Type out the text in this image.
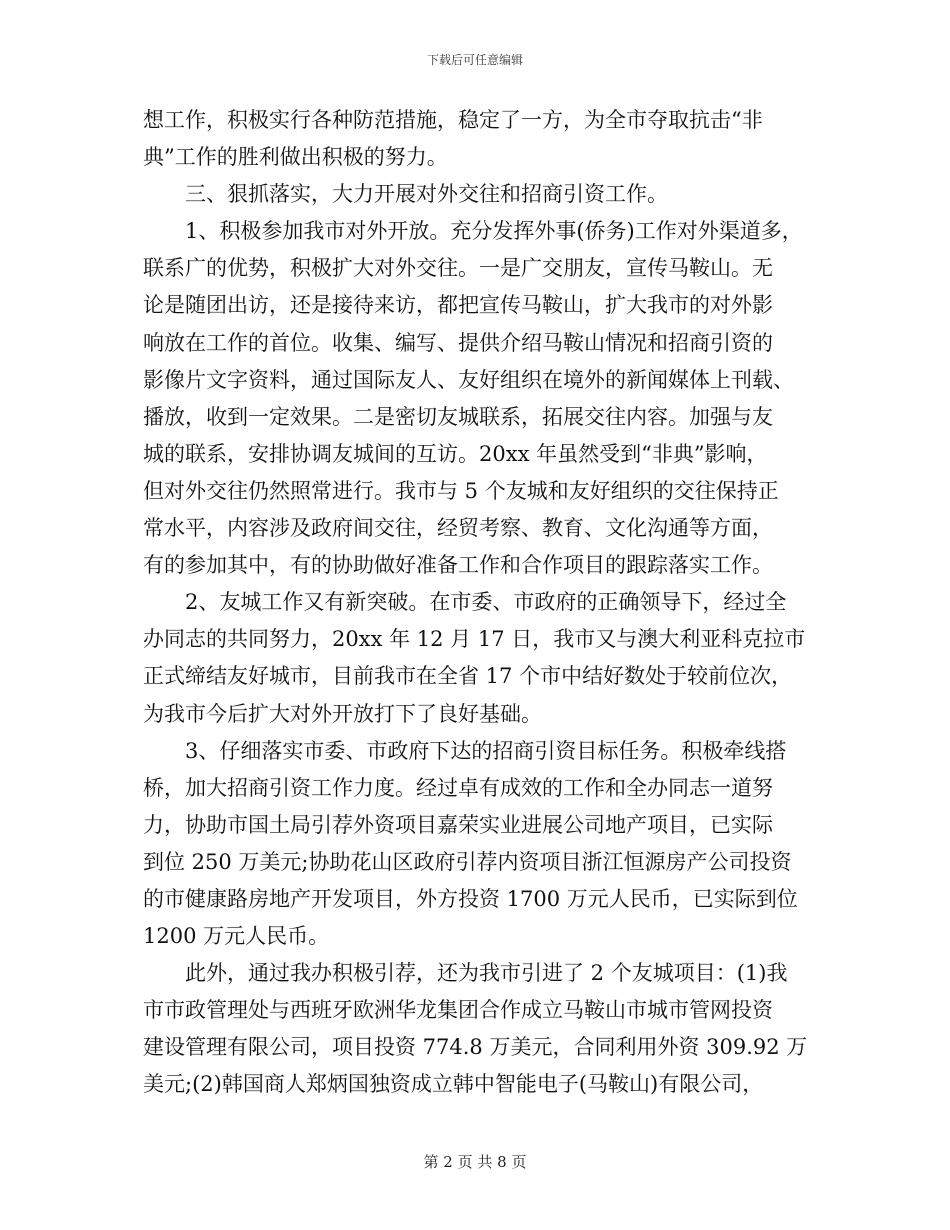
下载后可任意编辑
想工作，积极实行各种防范措施，稳定了一方，为全市夺取抗击“非
典”工作的胜利做出积极的努力。
三、狠抓落实，大力开展对外交往和招商引资工作。
1、积极参加我市对外开放。充分发挥外事(侨务)工作对外渠道多，
联系广的优势，积极扩大对外交往。一是广交朋友，宣传马鞍山。无
论是随团出访，还是接待来访，都把宣传马鞍山，扩大我市的对外影
响放在工作的首位。收集、编写、提供介绍马鞍山情况和招商引资的
影像片文字资料，通过国际友人、友好组织在境外的新闻媒体上刊载、
播放，收到一定效果。二是密切友城联系，拓展交往内容。加强与友
城的联系，安排协调友城间的互访。20xx 年虽然受到“非典”影响，
但对外交往仍然照常进行。我市与 5 个友城和友好组织的交往保持正
常水平，内容涉及政府间交往，经贸考察、教育、文化沟通等方面，
有的参加其中，有的协助做好准备工作和合作项目的跟踪落实工作。
2、友城工作又有新突破。在市委、市政府的正确领导下，经过全
办同志的共同努力，20xx 年 12 月 17 日，我市又与澳大利亚科克拉市
正式缔结友好城市，目前我市在全省 17 个市中结好数处于较前位次，
为我市今后扩大对外开放打下了良好基础。
3、仔细落实市委、市政府下达的招商引资目标任务。积极牵线搭
桥，加大招商引资工作力度。经过卓有成效的工作和全办同志一道努
力，协助市国土局引荐外资项目嘉荣实业进展公司地产项目，已实际
到位 250 万美元;协助花山区政府引荐内资项目浙江恒源房产公司投资
的市健康路房地产开发项目，外方投资 1700 万元人民币，已实际到位
1200 万元人民币。
此外，通过我办积极引荐，还为我市引进了 2 个友城项目：(1)我
市市政管理处与西班牙欧洲华龙集团合作成立马鞍山市城市管网投资
建设管理有限公司，项目投资 774.8 万美元，合同利用外资 309.92 万
美元;(2)韩国商人郑炳国独资成立韩中智能电子(马鞍山)有限公司，
第 2 页 共 8 页
